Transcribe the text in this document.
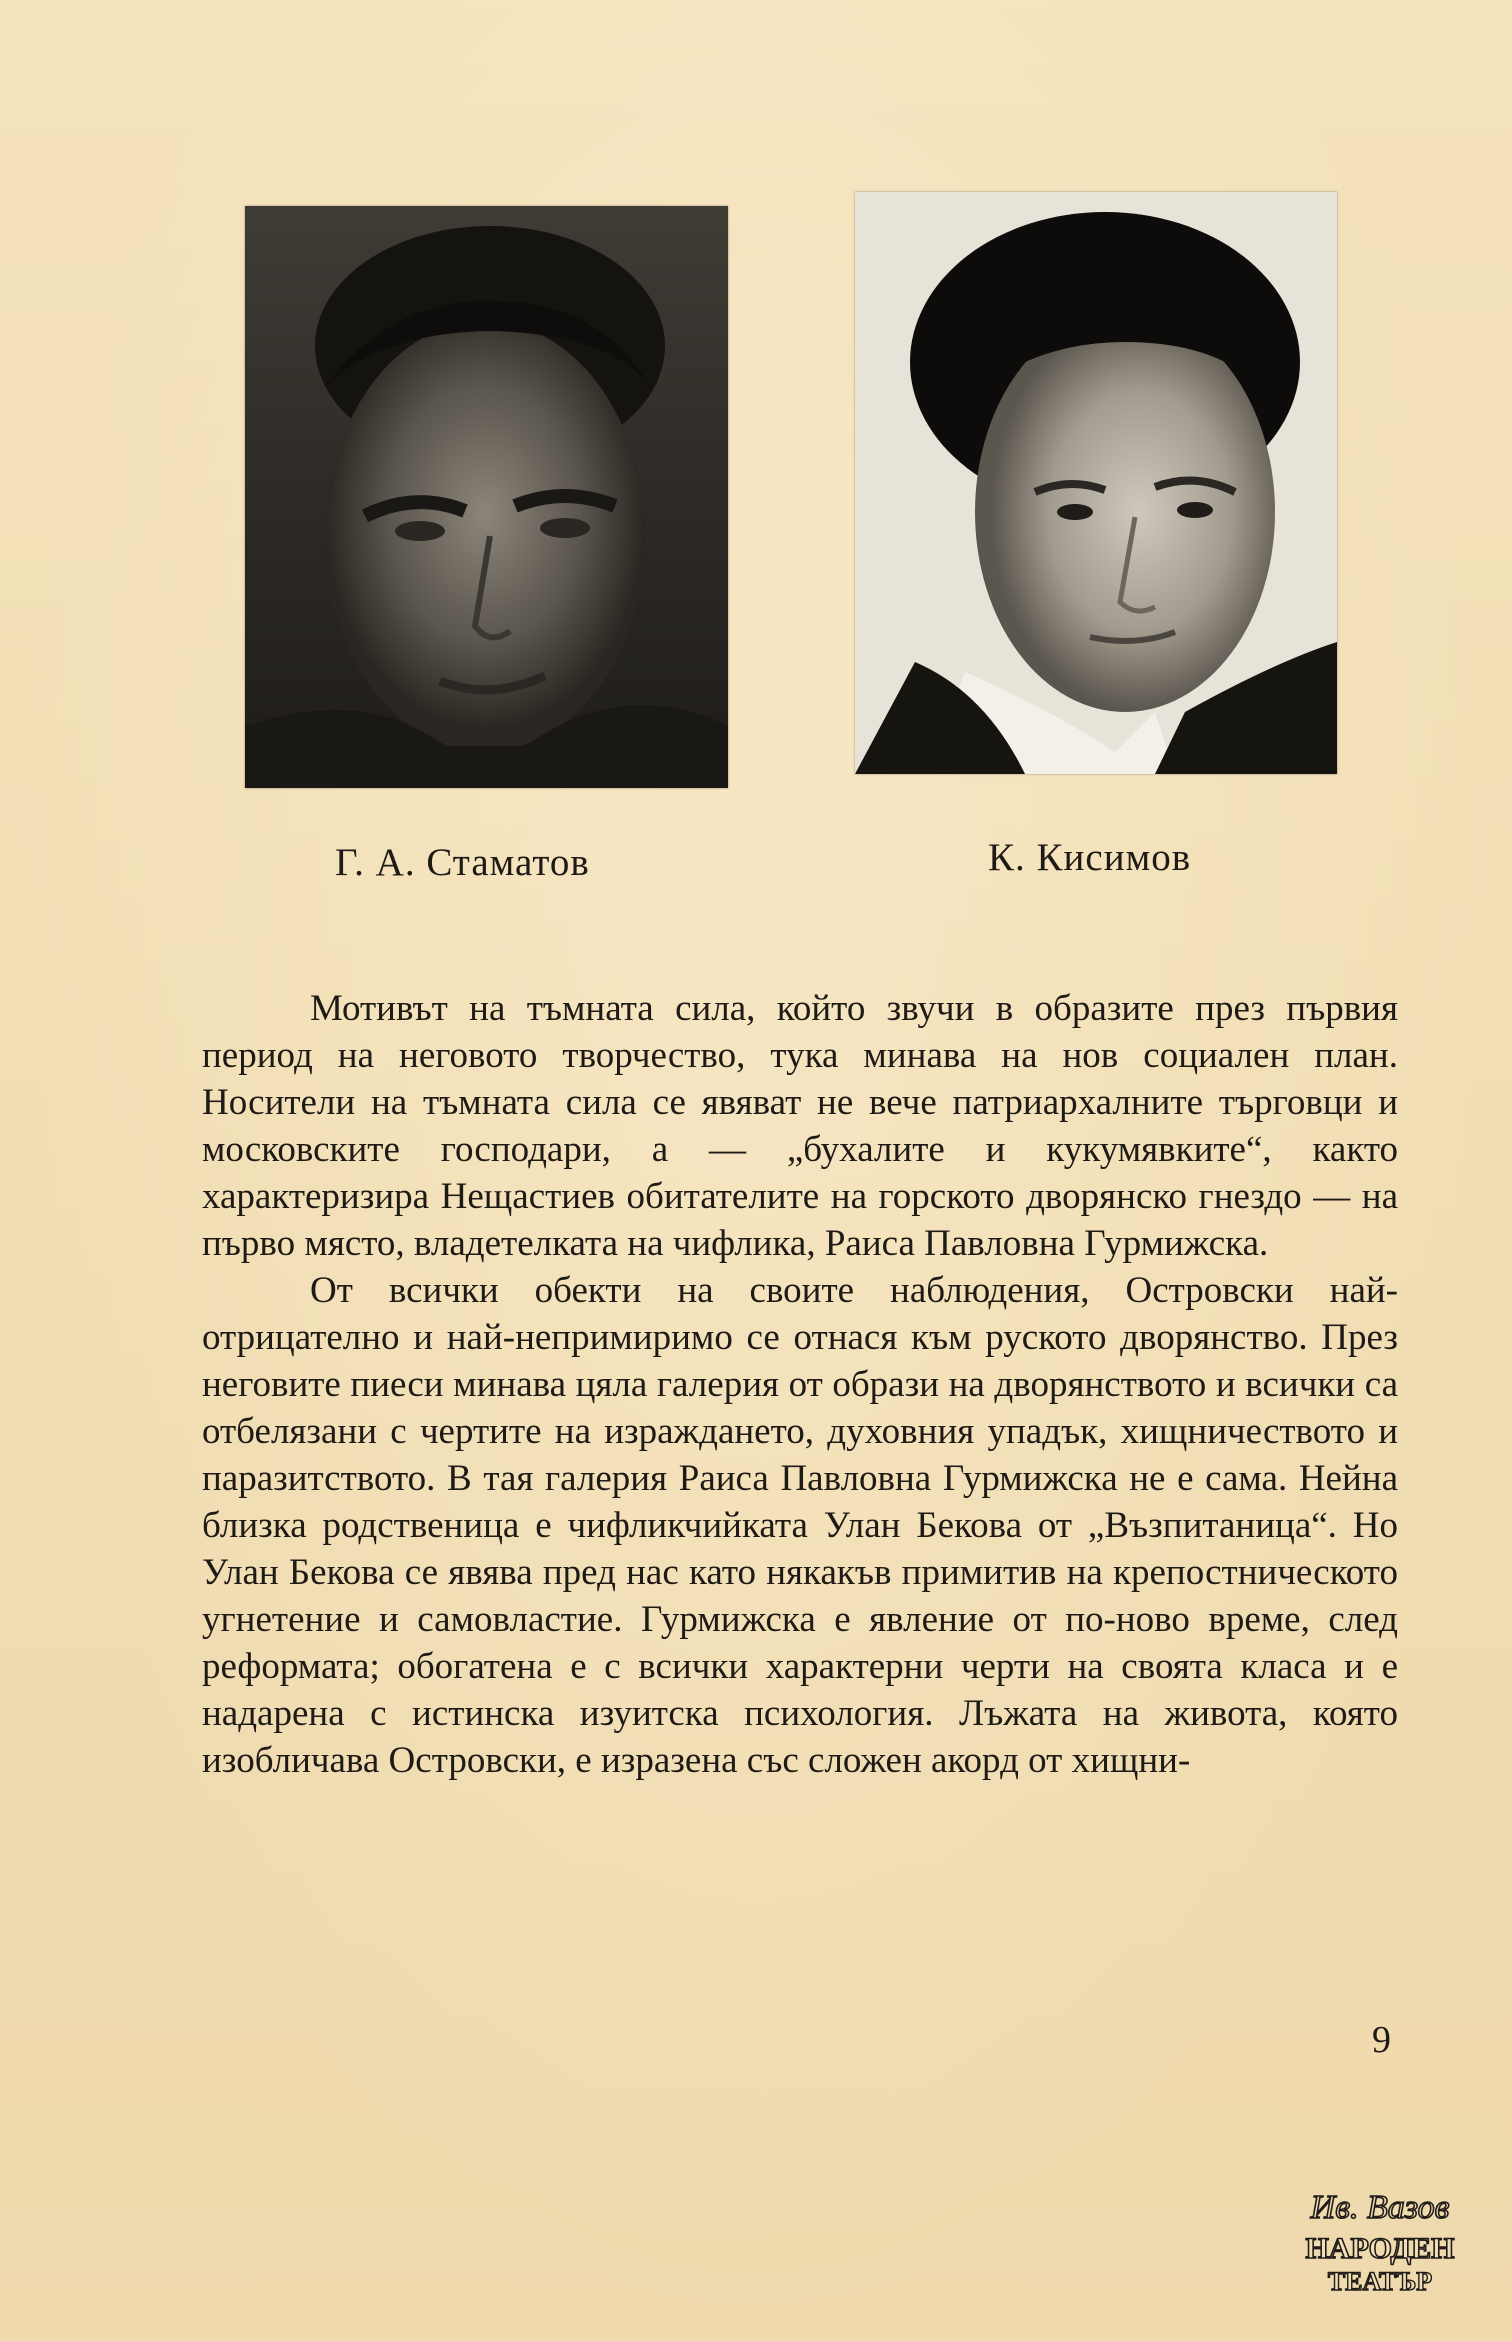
Г. А. Стаматов	К. Кисимов

Мотивът на тъмната сила, който звучи в образите през първия период на неговото творчество, тука минава на нов социален план. Носители на тъмната сила се явяват не вече патриархалните търговци и московските господари, а — „бухалите и кукумявките“, както характеризира Нещастиев обитателите на горското дворянско гнездо — на първо място, владетелката на чифлика, Раиса Павловна Гурмижска.

От всички обекти на своите наблюдения, Островски най-отрицателно и най-непримиримо се отнася към руското дворянство. През неговите пиеси минава цяла галерия от образи на дворянството и всички са отбелязани с чертите на израждането, духовния упадък, хищничеството и паразитството. В тая галерия Раиса Павловна Гурмижска не е сама. Нейна близка родственица е чифликчийката Улан Бекова от „Възпитаница“. Но Улан Бекова се явява пред нас като някакъв примитив на крепостническото угнетение и самовластие. Гурмижска е явление от по-ново време, след реформата; обогатена е с всички характерни черти на своята класа и е надарена с истинска изуитска психология. Лъжата на живота, която изобличава Островски, е изразена със сложен акорд от хищни-

9
Ив. Вазов
НАРОДЕН
ТЕАТЪР
